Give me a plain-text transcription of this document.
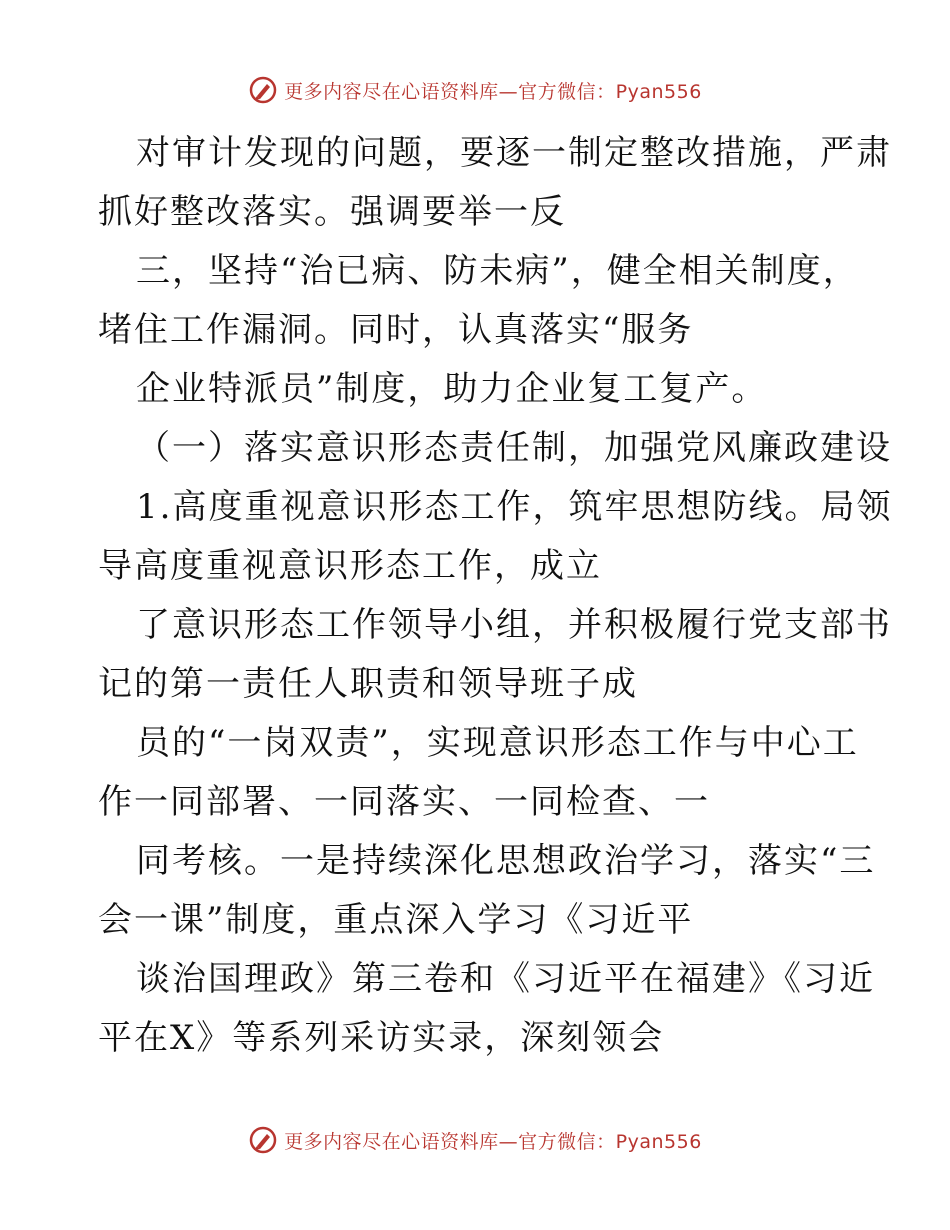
更多内容尽在心语资料库—官方微信：Pyan556
对审计发现的问题，要逐一制定整改措施，严肃
抓好整改落实。强调要举一反
三，坚持“治已病、防未病”，健全相关制度，
堵住工作漏洞。同时，认真落实“服务
企业特派员”制度，助力企业复工复产。
（一）落实意识形态责任制，加强党风廉政建设
1.高度重视意识形态工作，筑牢思想防线。局领
导高度重视意识形态工作，成立
了意识形态工作领导小组，并积极履行党支部书
记的第一责任人职责和领导班子成
员的“一岗双责”，实现意识形态工作与中心工
作一同部署、一同落实、一同检查、一
同考核。一是持续深化思想政治学习，落实“三
会一课”制度，重点深入学习《习近平
谈治国理政》第三卷和《习近平在福建》《习近
平在X》等系列采访实录，深刻领会
更多内容尽在心语资料库—官方微信：Pyan556
